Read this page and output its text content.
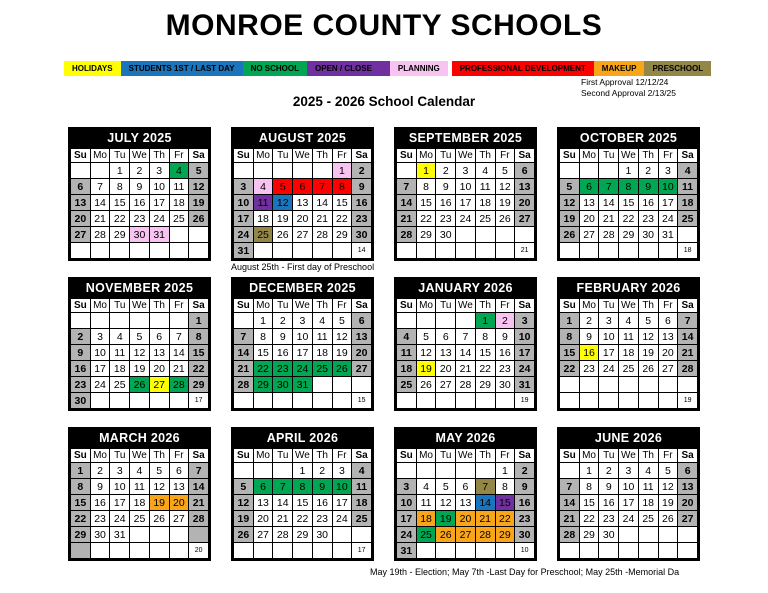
MONROE COUNTY SCHOOLS
HOLIDAYS	STUDENTS 1ST / LAST DAY	NO SCHOOL	OPEN / CLOSE	PLANNING	PROFESSIONAL DEVELOPMENT	MAKEUP	PRESCHOOL
First Approval 12/12/24
Second Approval 2/13/25
2025 - 2026 School Calendar
JULY 2025
Su	Mo	Tu	We	Th	Fr	Sa
		1	2	3	4	5
6	7	8	9	10	11	12
13	14	15	16	17	18	19
20	21	22	23	24	25	26
27	28	29	30	31		

AUGUST 2025
Su	Mo	Tu	We	Th	Fr	Sa
					1	2
3	4	5	6	7	8	9
10	11	12	13	14	15	16
17	18	19	20	21	22	23
24	25	26	27	28	29	30
31						14
SEPTEMBER 2025
Su	Mo	Tu	We	Th	Fr	Sa
	1	2	3	4	5	6
7	8	9	10	11	12	13
14	15	16	17	18	19	20
21	22	23	24	25	26	27
28	29	30				
						21
OCTOBER 2025
Su	Mo	Tu	We	Th	Fr	Sa
			1	2	3	4
5	6	7	8	9	10	11
12	13	14	15	16	17	18
19	20	21	22	23	24	25
26	27	28	29	30	31	
						18
NOVEMBER 2025
Su	Mo	Tu	We	Th	Fr	Sa
						1
2	3	4	5	6	7	8
9	10	11	12	13	14	15
16	17	18	19	20	21	22
23	24	25	26	27	28	29
30						17
DECEMBER 2025
Su	Mo	Tu	We	Th	Fr	Sa
	1	2	3	4	5	6
7	8	9	10	11	12	13
14	15	16	17	18	19	20
21	22	23	24	25	26	27
28	29	30	31			
						15
JANUARY 2026
Su	Mo	Tu	We	Th	Fr	Sa
				1	2	3
4	5	6	7	8	9	10
11	12	13	14	15	16	17
18	19	20	21	22	23	24
25	26	27	28	29	30	31
						19
FEBRUARY 2026
Su	Mo	Tu	We	Th	Fr	Sa
1	2	3	4	5	6	7
8	9	10	11	12	13	14
15	16	17	18	19	20	21
22	23	24	25	26	27	28

						19
MARCH 2026
Su	Mo	Tu	We	Th	Fr	Sa
1	2	3	4	5	6	7
8	9	10	11	12	13	14
15	16	17	18	19	20	21
22	23	24	25	26	27	28
29	30	31				
						20
APRIL 2026
Su	Mo	Tu	We	Th	Fr	Sa
			1	2	3	4
5	6	7	8	9	10	11
12	13	14	15	16	17	18
19	20	21	22	23	24	25
26	27	28	29	30		
						17
MAY 2026
Su	Mo	Tu	We	Th	Fr	Sa
					1	2
3	4	5	6	7	8	9
10	11	12	13	14	15	16
17	18	19	20	21	22	23
24	25	26	27	28	29	30
31						10
JUNE 2026
Su	Mo	Tu	We	Th	Fr	Sa
	1	2	3	4	5	6
7	8	9	10	11	12	13
14	15	16	17	18	19	20
21	22	23	24	25	26	27
28	29	30				

August 25th - First day of Preschool
May 19th - Election; May 7th -Last Day for Preschool; May 25th -Memorial Da
